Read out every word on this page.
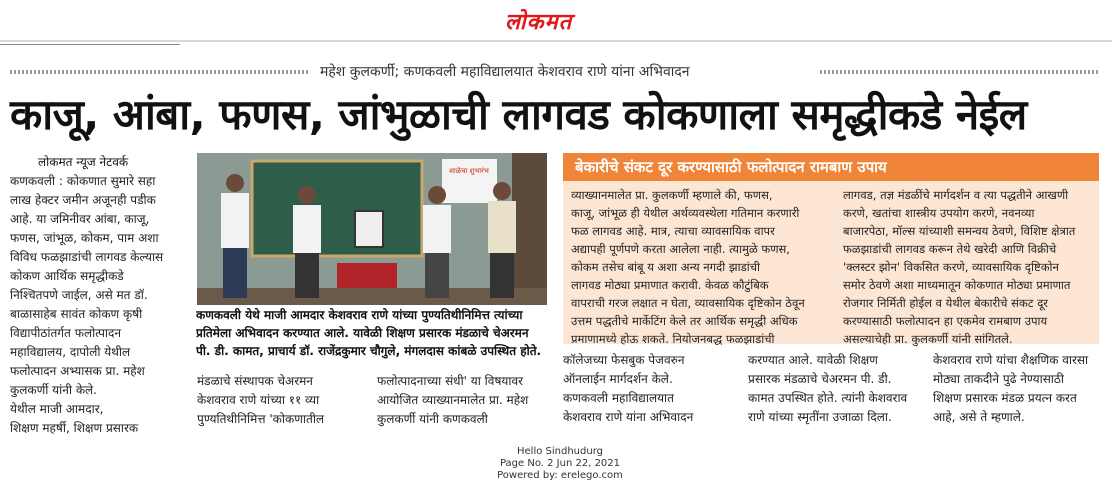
लोकमत
महेश कुलकर्णी; कणकवली महाविद्यालयात केशवराव राणे यांना अभिवादन
काजू, आंबा, फणस, जांभुळाची लागवड कोकणाला समृद्धीकडे नेईल
लोकमत न्यूज नेटवर्क
कणकवली : कोकणात सुमारे सहा
लाख हेक्टर जमीन अजूनही पडीक
आहे. या जमिनीवर आंबा, काजू,
फणस, जांभूळ, कोकम, पाम अशा
विविध फळझाडांची लागवड केल्यास
कोकण आर्थिक समृद्धीकडे
निश्चितपणे जाईल, असे मत डॉ.
बाळासाहेब सावंत कोकण कृषी
विद्यापीठांतर्गत फलोत्पादन
महाविद्यालय, दापोली येथील
फलोत्पादन अभ्यासक प्रा. महेश
कुलकर्णी यांनी केले.
येथील माजी आमदार,
शिक्षण महर्षी, शिक्षण प्रसारक
शाळेचा शुभारंभ
कणकवली येथे माजी आमदार केशवराव राणे यांच्या पुण्यतिथीनिमित्त त्यांच्या
प्रतिमेला अभिवादन करण्यात आले. यावेळी शिक्षण प्रसारक मंडळाचे चेअरमन
पी. डी. कामत, प्राचार्य डॉ. राजेंद्रकुमार चौगुले, मंगलदास कांबळे उपस्थित होते.
मंडळाचे संस्थापक चेअरमन
केशवराव राणे यांच्या ११ व्या
पुण्यतिथीनिमित्त 'कोकणातील
फलोत्पादनाच्या संधी' या विषयावर
आयोजित व्याख्यानमालेत प्रा. महेश
कुलकर्णी यांनी कणकवली
बेकारीचे संकट दूर करण्यासाठी फलोत्पादन रामबाण उपाय
व्याख्यानमालेत प्रा. कुलकर्णी म्हणाले की, फणस,
काजू, जांभूळ ही येथील अर्थव्यवस्थेला गतिमान करणारी
फळ लागवड आहे. मात्र, त्याचा व्यावसायिक वापर
अद्यापही पूर्णपणे करता आलेला नाही. त्यामुळे फणस,
कोकम तसेच बांबू य अशा अन्य नगदी झाडांची
लागवड मोठ्या प्रमाणात करावी. केवळ कौटुंबिक
वापराची गरज लक्षात न घेता, व्यावसायिक दृष्टिकोन ठेवून
उत्तम पद्धतीचे मार्केटिंग केले तर आर्थिक समृद्धी अधिक
प्रमाणामध्ये होऊ शकते. नियोजनबद्ध फळझाडांची
लागवड, तज्ञ मंडळींचे मार्गदर्शन व त्या पद्धतीने आखणी
करणे, खतांचा शास्त्रीय उपयोग करणे, नवनव्या
बाजारपेठा, मॉल्स यांच्याशी समन्वय ठेवणे, विशिष्ट क्षेत्रात
फळझाडांची लागवड करून तेथे खरेदी आणि विक्रीचे
'क्लस्टर झोन' विकसित करणे, व्यावसायिक दृष्टिकोन
समोर ठेवणे अशा माध्यमातून कोकणात मोठ्या प्रमाणात
रोजगार निर्मिती होईल व येथील बेकारीचे संकट दूर
करण्यासाठी फलोत्पादन हा एकमेव रामबाण उपाय
असल्याचेही प्रा. कुलकर्णी यांनी सांगितले.
कॉलेजच्या फेसबुक पेजवरुन
ऑनलाईन मार्गदर्शन केले.
कणकवली महाविद्यालयात
केशवराव राणे यांना अभिवादन
करण्यात आले. यावेळी शिक्षण
प्रसारक मंडळाचे चेअरमन पी. डी.
कामत उपस्थित होते. त्यांनी केशवराव
राणे यांच्या स्मृतींना उजाळा दिला.
केशवराव राणे यांचा शैक्षणिक वारसा
मोठ्या ताकदीने पुढे नेण्यासाठी
शिक्षण प्रसारक मंडळ प्रयत्न करत
आहे, असे ते म्हणाले.
Hello Sindhudurg
Page No. 2 Jun 22, 2021
Powered by: erelego.com
